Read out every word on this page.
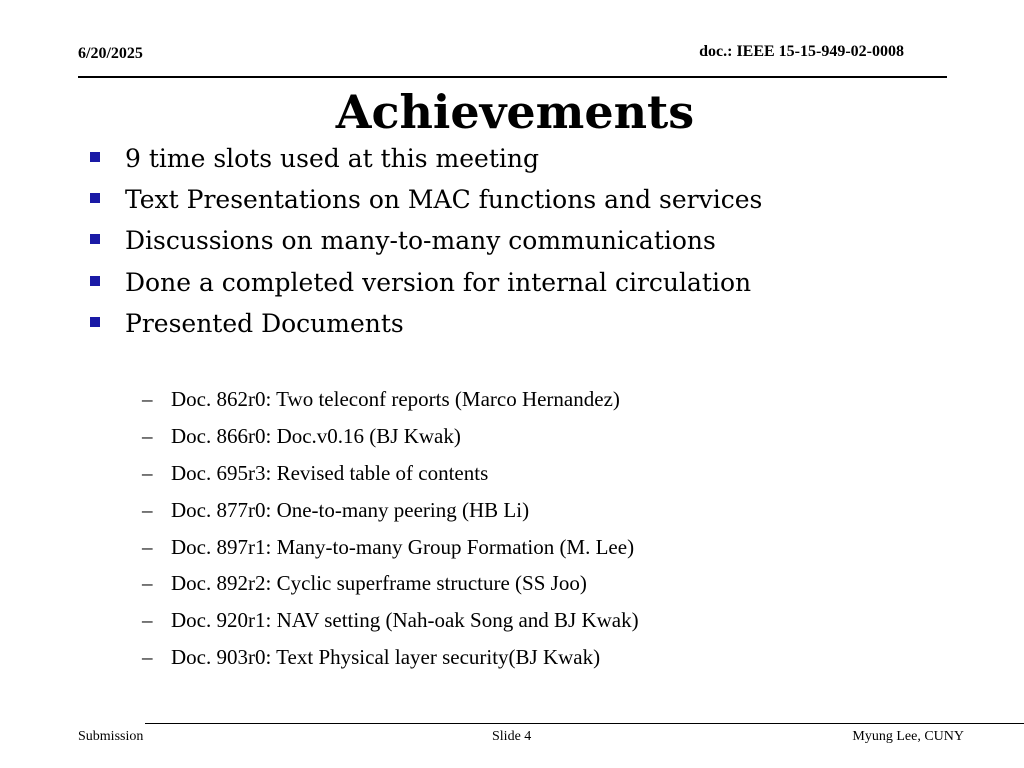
6/20/2025	doc.: IEEE 15-15-949-02-0008
Achievements
9 time slots used at this meeting
Text Presentations on MAC functions and services
Discussions on many-to-many communications
Done a completed version for internal circulation
Presented Documents
– Doc. 862r0: Two teleconf reports (Marco Hernandez)
– Doc. 866r0: Doc.v0.16 (BJ Kwak)
– Doc. 695r3: Revised table of contents
– Doc. 877r0: One-to-many peering (HB Li)
– Doc. 897r1: Many-to-many Group Formation (M. Lee)
– Doc. 892r2: Cyclic superframe structure (SS Joo)
– Doc. 920r1: NAV setting (Nah-oak Song and BJ Kwak)
– Doc. 903r0: Text Physical layer security(BJ Kwak)
Submission	Slide 4	Myung Lee, CUNY
